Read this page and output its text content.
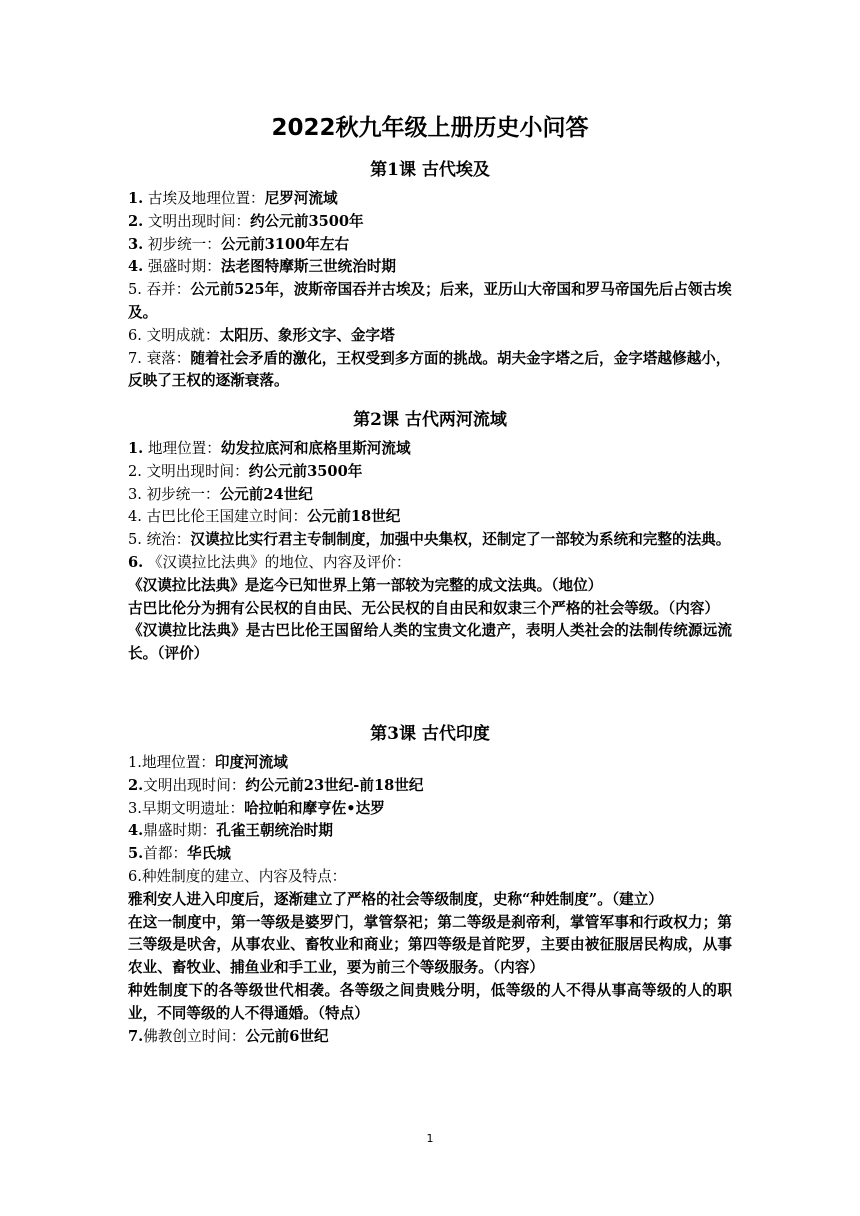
2022秋九年级上册历史小问答
第1课 古代埃及
1. 古埃及地理位置：尼罗河流域
2. 文明出现时间：约公元前3500年
3. 初步统一：公元前3100年左右
4. 强盛时期：法老图特摩斯三世统治时期
5. 吞并：公元前525年，波斯帝国吞并古埃及；后来，亚历山大帝国和罗马帝国先后占领古埃及。
6. 文明成就：太阳历、象形文字、金字塔
7. 衰落：随着社会矛盾的激化，王权受到多方面的挑战。胡夫金字塔之后，金字塔越修越小，反映了王权的逐渐衰落。
第2课 古代两河流域
1. 地理位置：幼发拉底河和底格里斯河流域
2. 文明出现时间：约公元前3500年
3. 初步统一：公元前24世纪
4. 古巴比伦王国建立时间：公元前18世纪
5. 统治：汉谟拉比实行君主专制制度，加强中央集权，还制定了一部较为系统和完整的法典。
6. 《汉谟拉比法典》的地位、内容及评价：
《汉谟拉比法典》是迄今已知世界上第一部较为完整的成文法典。（地位）
古巴比伦分为拥有公民权的自由民、无公民权的自由民和奴隶三个严格的社会等级。（内容）
《汉谟拉比法典》是古巴比伦王国留给人类的宝贵文化遗产，表明人类社会的法制传统源远流长。（评价）
第3课 古代印度
1.地理位置：印度河流域
2.文明出现时间：约公元前23世纪-前18世纪
3.早期文明遗址：哈拉帕和摩亨佐•达罗
4.鼎盛时期：孔雀王朝统治时期
5.首都：华氏城
6.种姓制度的建立、内容及特点：
雅利安人进入印度后，逐渐建立了严格的社会等级制度，史称“种姓制度”。（建立）
在这一制度中，第一等级是婆罗门，掌管祭祀；第二等级是刹帝利，掌管军事和行政权力；第三等级是吠舍，从事农业、畜牧业和商业；第四等级是首陀罗，主要由被征服居民构成，从事农业、畜牧业、捕鱼业和手工业，要为前三个等级服务。（内容）
种姓制度下的各等级世代相袭。各等级之间贵贱分明，低等级的人不得从事高等级的人的职业，不同等级的人不得通婚。（特点）
7.佛教创立时间：公元前6世纪
1
